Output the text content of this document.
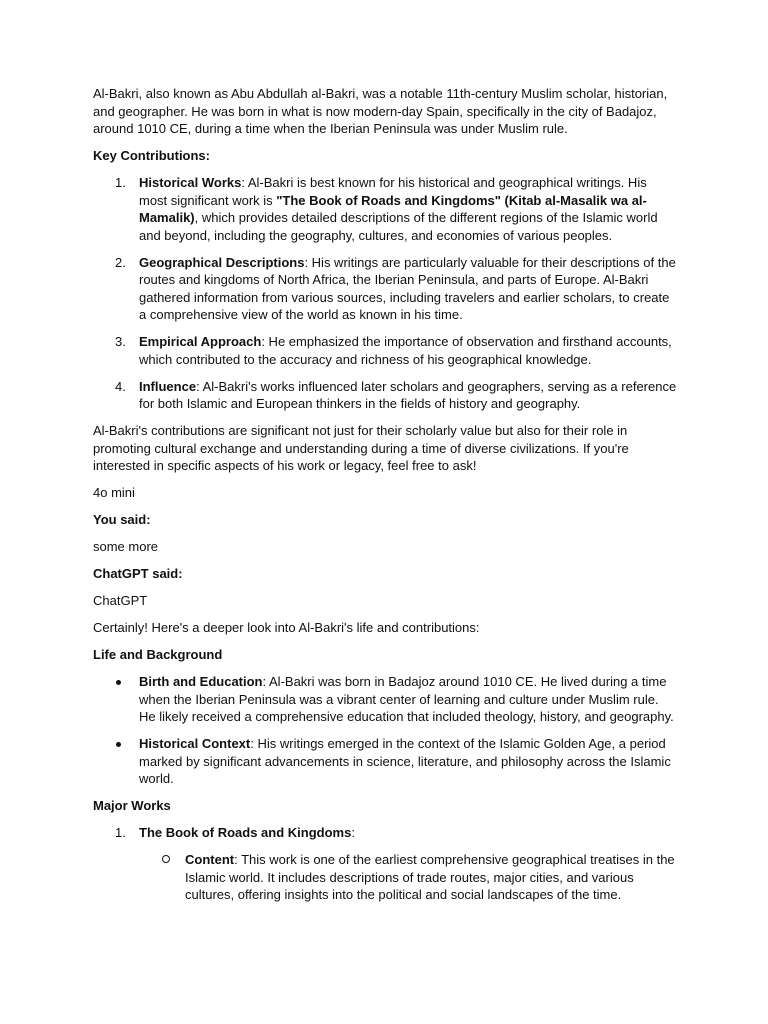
Al-Bakri, also known as Abu Abdullah al-Bakri, was a notable 11th-century Muslim scholar, historian, and geographer. He was born in what is now modern-day Spain, specifically in the city of Badajoz, around 1010 CE, during a time when the Iberian Peninsula was under Muslim rule.

Key Contributions:

1. Historical Works: Al-Bakri is best known for his historical and geographical writings. His most significant work is "The Book of Roads and Kingdoms" (Kitab al-Masalik wa al-Mamalik), which provides detailed descriptions of the different regions of the Islamic world and beyond, including the geography, cultures, and economies of various peoples.
2. Geographical Descriptions: His writings are particularly valuable for their descriptions of the routes and kingdoms of North Africa, the Iberian Peninsula, and parts of Europe. Al-Bakri gathered information from various sources, including travelers and earlier scholars, to create a comprehensive view of the world as known in his time.
3. Empirical Approach: He emphasized the importance of observation and firsthand accounts, which contributed to the accuracy and richness of his geographical knowledge.
4. Influence: Al-Bakri's works influenced later scholars and geographers, serving as a reference for both Islamic and European thinkers in the fields of history and geography.

Al-Bakri's contributions are significant not just for their scholarly value but also for their role in promoting cultural exchange and understanding during a time of diverse civilizations. If you're interested in specific aspects of his work or legacy, feel free to ask!

4o mini

You said:

some more

ChatGPT said:

ChatGPT

Certainly! Here's a deeper look into Al-Bakri's life and contributions:

Life and Background

Birth and Education: Al-Bakri was born in Badajoz around 1010 CE. He lived during a time when the Iberian Peninsula was a vibrant center of learning and culture under Muslim rule. He likely received a comprehensive education that included theology, history, and geography.
Historical Context: His writings emerged in the context of the Islamic Golden Age, a period marked by significant advancements in science, literature, and philosophy across the Islamic world.

Major Works

1. The Book of Roads and Kingdoms:
Content: This work is one of the earliest comprehensive geographical treatises in the Islamic world. It includes descriptions of trade routes, major cities, and various cultures, offering insights into the political and social landscapes of the time.
